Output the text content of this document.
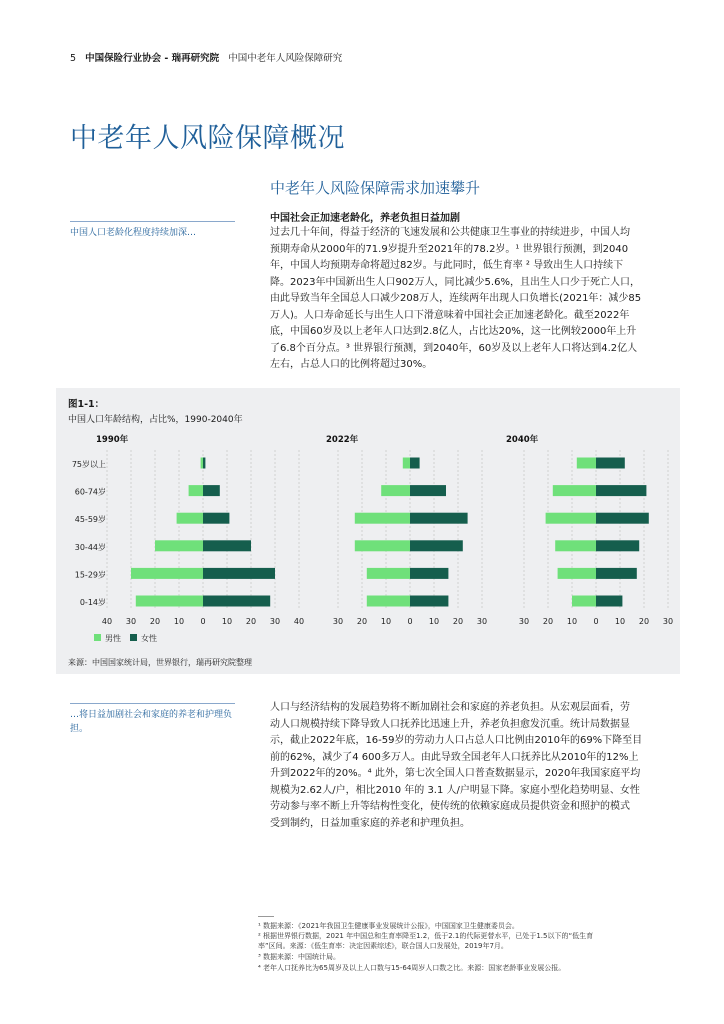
5 中国保险行业协会 - 瑞再研究院 中国中老年人风险保障研究
中老年人风险保障概况
中老年人风险保障需求加速攀升
中国人口老龄化程度持续加深…
中国社会正加速老龄化，养老负担日益加剧
过去几十年间，得益于经济的飞速发展和公共健康卫生事业的持续进步，中国人均
预期寿命从2000年的71.9岁提升至2021年的78.2岁。¹ 世界银行预测，到2040
年，中国人均预期寿命将超过82岁。与此同时，低生育率 ² 导致出生人口持续下
降。2023年中国新出生人口902万人，同比减少5.6%，且出生人口少于死亡人口，
由此导致当年全国总人口减少208万人，连续两年出现人口负增长(2021年：减少85
万人)。人口寿命延长与出生人口下滑意味着中国社会正加速老龄化。截至2022年
底，中国60岁及以上老年人口达到2.8亿人，占比达20%，这一比例较2000年上升
了6.8个百分点。³ 世界银行预测，到2040年，60岁及以上老年人口将达到4.2亿人
左右，占总人口的比例将超过30%。
图1-1：
中国人口年龄结构，占比%，1990-2040年
75岁以上
60-74岁
45-59岁
30-44岁
15-29岁
0-14岁
1990年
40 30 20 10 0 10 20 30 40
2022年
30 20 10 0 10 20 30
2040年
30 20 10 0 10 20 30
男性	女性
来源：中国国家统计局，世界银行，瑞再研究院整理
…将日益加剧社会和家庭的养老和护理负担。
人口与经济结构的发展趋势将不断加剧社会和家庭的养老负担。从宏观层面看，劳
动人口规模持续下降导致人口抚养比迅速上升，养老负担愈发沉重。统计局数据显
示，截止2022年底，16-59岁的劳动力人口占总人口比例由2010年的69%下降至目
前的62%，减少了4 600多万人。由此导致全国老年人口抚养比从2010年的12%上
升到2022年的20%。⁴ 此外，第七次全国人口普查数据显示，2020年我国家庭平均
规模为2.62人/户，相比2010 年的 3.1 人/户明显下降。家庭小型化趋势明显、女性
劳动参与率不断上升等结构性变化，使传统的依赖家庭成员提供资金和照护的模式
受到制约，日益加重家庭的养老和护理负担。
¹ 数据来源：《2021年我国卫生健康事业发展统计公报》，中国国家卫生健康委员会。
² 根据世界银行数据，2021 年中国总和生育率降至1.2，低于2.1的代际更替水平，已处于1.5以下的“低生育
率”区间。来源：《低生育率：决定因素综述》，联合国人口发展处，2019年7月。
³ 数据来源：中国统计局。
⁴ 老年人口抚养比为65周岁及以上人口数与15-64周岁人口数之比。来源：国家老龄事业发展公报。
